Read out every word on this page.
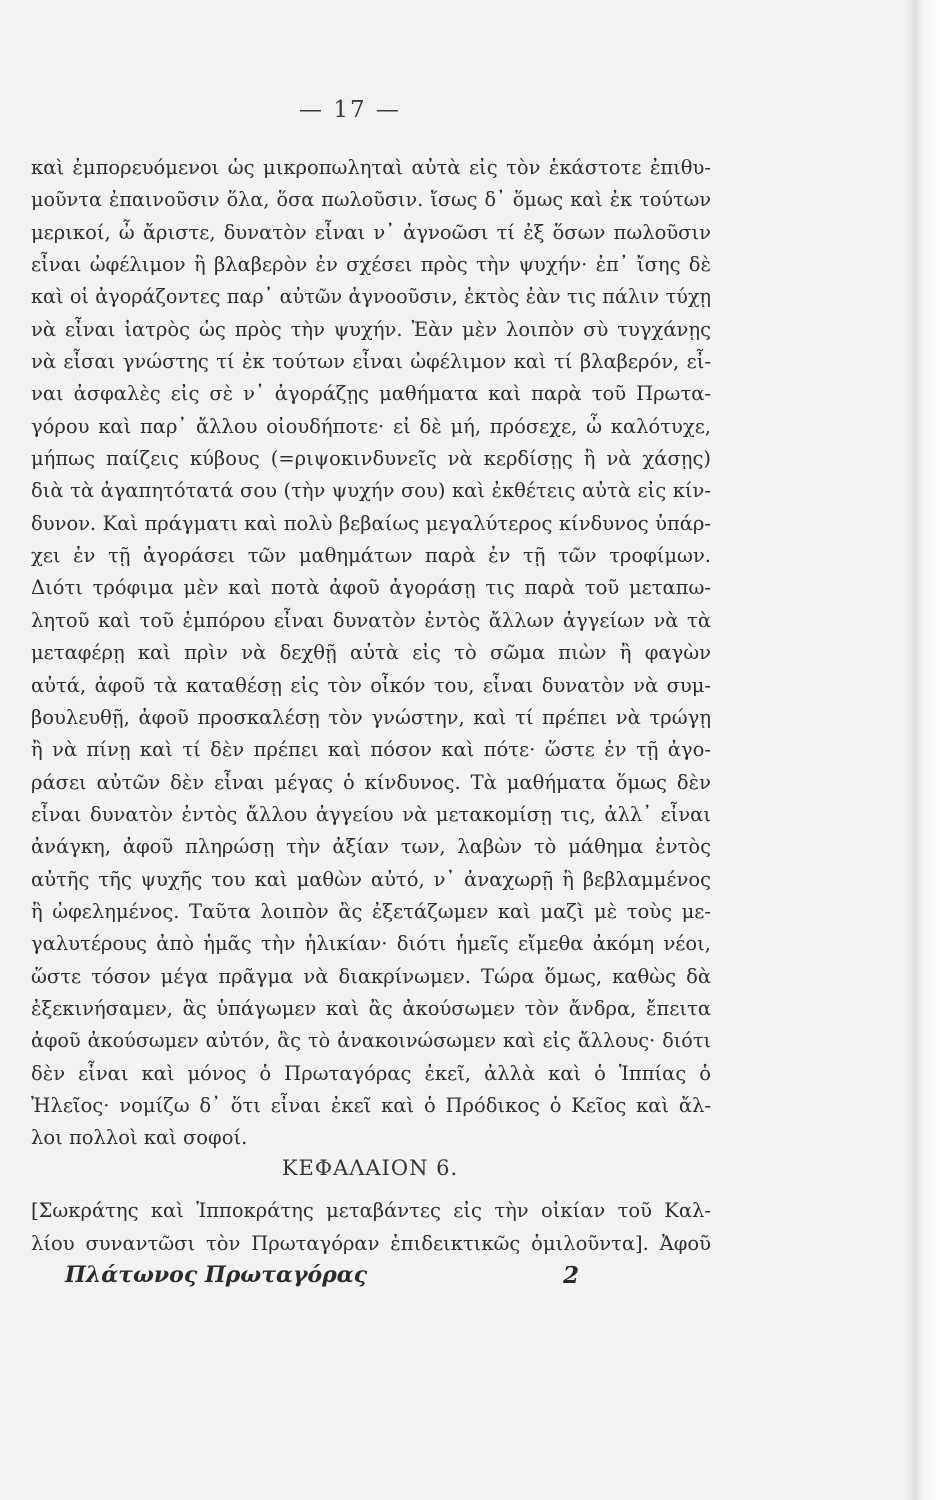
— 17 —
καὶ ἐμπορευόμενοι ὡς μικροπωληταὶ αὐτὰ εἰς τὸν ἑκάστοτε ἐπιθυ-
μοῦντα ἐπαινοῦσιν ὅλα, ὅσα πωλοῦσιν. ἴσως δ᾽ ὅμως καὶ ἐκ τούτων
μερικοί, ὦ ἄριστε, δυνατὸν εἶναι ν᾽ ἀγνοῶσι τί ἐξ ὅσων πωλοῦσιν
εἶναι ὠφέλιμον ἢ βλαβερὸν ἐν σχέσει πρὸς τὴν ψυχήν· ἐπ᾽ ἴσης δὲ
καὶ οἱ ἀγοράζοντες παρ᾽ αὐτῶν ἀγνοοῦσιν, ἐκτὸς ἐὰν τις πάλιν τύχῃ
νὰ εἶναι ἰατρὸς ὡς πρὸς τὴν ψυχήν. Ἐὰν μὲν λοιπὸν σὺ τυγχάνῃς
νὰ εἶσαι γνώστης τί ἐκ τούτων εἶναι ὠφέλιμον καὶ τί βλαβερόν, εἶ-
ναι ἀσφαλὲς εἰς σὲ ν᾽ ἀγοράζῃς μαθήματα καὶ παρὰ τοῦ Πρωτα-
γόρου καὶ παρ᾽ ἄλλου οἰουδήποτε· εἰ δὲ μή, πρόσεχε, ὦ καλότυχε,
μήπως παίζεις κύβους (=ριψοκινδυνεῖς νὰ κερδίσῃς ἢ νὰ χάσῃς)
διὰ τὰ ἀγαπητότατά σου (τὴν ψυχήν σου) καὶ ἐκθέτεις αὐτὰ εἰς κίν-
δυνον. Καὶ πράγματι καὶ πολὺ βεβαίως μεγαλύτερος κίνδυνος ὑπάρ-
χει ἐν τῇ ἀγοράσει τῶν μαθημάτων παρὰ ἐν τῇ τῶν τροφίμων.
Διότι τρόφιμα μὲν καὶ ποτὰ ἀφοῦ ἀγοράσῃ τις παρὰ τοῦ μεταπω-
λητοῦ καὶ τοῦ ἐμπόρου εἶναι δυνατὸν ἐντὸς ἄλλων ἀγγείων νὰ τὰ
μεταφέρῃ καὶ πρὶν νὰ δεχθῇ αὐτὰ εἰς τὸ σῶμα πιὼν ἢ φαγὼν
αὐτά, ἀφοῦ τὰ καταθέσῃ εἰς τὸν οἶκόν του, εἶναι δυνατὸν νὰ συμ-
βουλευθῇ, ἀφοῦ προσκαλέσῃ τὸν γνώστην, καὶ τί πρέπει νὰ τρώγῃ
ἢ νὰ πίνῃ καὶ τί δὲν πρέπει καὶ πόσον καὶ πότε· ὥστε ἐν τῇ ἀγο-
ράσει αὐτῶν δὲν εἶναι μέγας ὁ κίνδυνος. Τὰ μαθήματα ὅμως δὲν
εἶναι δυνατὸν ἐντὸς ἄλλου ἀγγείου νὰ μετακομίσῃ τις, ἀλλ᾽ εἶναι
ἀνάγκη, ἀφοῦ πληρώσῃ τὴν ἀξίαν των, λαβὼν τὸ μάθημα ἐντὸς
αὐτῆς τῆς ψυχῆς του καὶ μαθὼν αὐτό, ν᾽ ἀναχωρῇ ἢ βεβλαμμένος
ἢ ὠφελημένος. Ταῦτα λοιπὸν ἂς ἐξετάζωμεν καὶ μαζὶ μὲ τοὺς με-
γαλυτέρους ἀπὸ ἡμᾶς τὴν ἡλικίαν· διότι ἡμεῖς εἴμεθα ἀκόμη νέοι,
ὥστε τόσον μέγα πρᾶγμα νὰ διακρίνωμεν. Τώρα ὅμως, καθὼς δὰ
ἐξεκινήσαμεν, ἂς ὑπάγωμεν καὶ ἂς ἀκούσωμεν τὸν ἄνδρα, ἔπειτα
ἀφοῦ ἀκούσωμεν αὐτόν, ἂς τὸ ἀνακοινώσωμεν καὶ εἰς ἄλλους· διότι
δὲν εἶναι καὶ μόνος ὁ Πρωταγόρας ἐκεῖ, ἀλλὰ καὶ ὁ Ἱππίας ὁ
Ἠλεῖος· νομίζω δ᾽ ὅτι εἶναι ἐκεῖ καὶ ὁ Πρόδικος ὁ Κεῖος καὶ ἄλ-
λοι πολλοὶ καὶ σοφοί.
ΚΕΦΑΛΑΙΟΝ 6.
[Σωκράτης καὶ Ἱπποκράτης μεταβάντες εἰς τὴν οἰκίαν τοῦ Καλ-
λίου συναντῶσι τὸν Πρωταγόραν ἐπιδεικτικῶς ὁμιλοῦντα]. Ἀφοῦ
Πλάτωνος Πρωταγόρας	2
